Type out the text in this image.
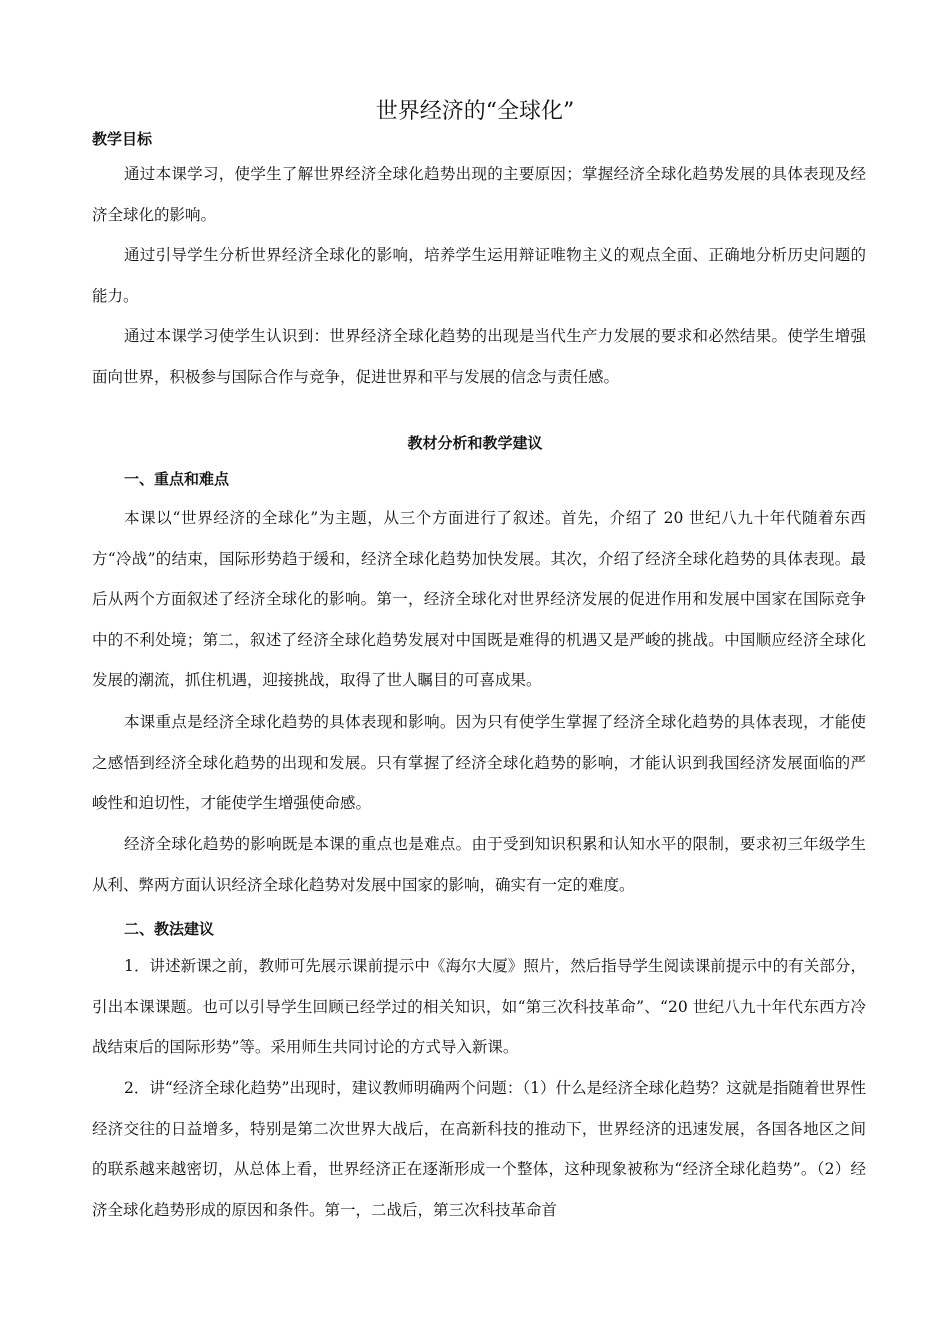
世界经济的“全球化”
教学目标

通过本课学习，使学生了解世界经济全球化趋势出现的主要原因；掌握经济全球化趋势发展的具体表现及经济全球化的影响。

通过引导学生分析世界经济全球化的影响，培养学生运用辩证唯物主义的观点全面、正确地分析历史问题的能力。

通过本课学习使学生认识到：世界经济全球化趋势的出现是当代生产力发展的要求和必然结果。使学生增强面向世界，积极参与国际合作与竞争，促进世界和平与发展的信念与责任感。

教材分析和教学建议
一、重点和难点

本课以“世界经济的全球化”为主题，从三个方面进行了叙述。首先，介绍了 20 世纪八九十年代随着东西方“冷战”的结束，国际形势趋于缓和，经济全球化趋势加快发展。其次，介绍了经济全球化趋势的具体表现。最后从两个方面叙述了经济全球化的影响。第一，经济全球化对世界经济发展的促进作用和发展中国家在国际竞争中的不利处境；第二，叙述了经济全球化趋势发展对中国既是难得的机遇又是严峻的挑战。中国顺应经济全球化发展的潮流，抓住机遇，迎接挑战，取得了世人瞩目的可喜成果。

本课重点是经济全球化趋势的具体表现和影响。因为只有使学生掌握了经济全球化趋势的具体表现，才能使之感悟到经济全球化趋势的出现和发展。只有掌握了经济全球化趋势的影响，才能认识到我国经济发展面临的严峻性和迫切性，才能使学生增强使命感。

经济全球化趋势的影响既是本课的重点也是难点。由于受到知识积累和认知水平的限制，要求初三年级学生从利、弊两方面认识经济全球化趋势对发展中国家的影响，确实有一定的难度。

二、教法建议

1．讲述新课之前，教师可先展示课前提示中《海尔大厦》照片，然后指导学生阅读课前提示中的有关部分，引出本课课题。也可以引导学生回顾已经学过的相关知识，如“第三次科技革命”、“20 世纪八九十年代东西方冷战结束后的国际形势”等。采用师生共同讨论的方式导入新课。

2．讲“经济全球化趋势”出现时，建议教师明确两个问题：（1）什么是经济全球化趋势？这就是指随着世界性经济交往的日益增多，特别是第二次世界大战后，在高新科技的推动下，世界经济的迅速发展，各国各地区之间的联系越来越密切，从总体上看，世界经济正在逐渐形成一个整体，这种现象被称为“经济全球化趋势”。（2）经济全球化趋势形成的原因和条件。第一，二战后，第三次科技革命首
